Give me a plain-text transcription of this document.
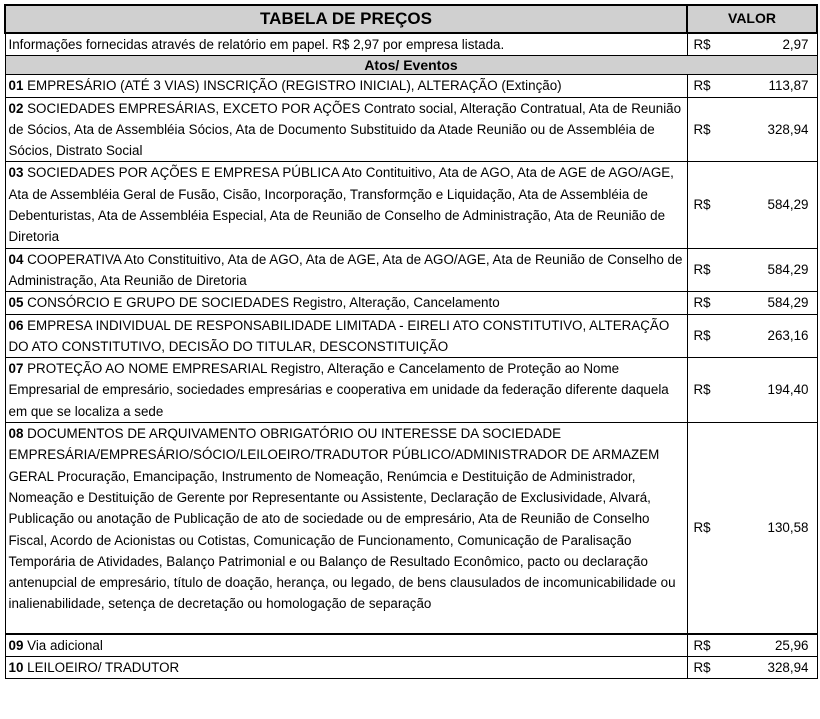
TABELA DE PREÇOS	VALOR	
Informações fornecidas através de relatório em papel. R$ 2,97 por empresa listada.	R$	2,97
Atos/ Eventos		
01 EMPRESÁRIO (ATÉ 3 VIAS) INSCRIÇÃO (REGISTRO INICIAL), ALTERAÇÃO (Extinção)	R$	113,87
02 SOCIEDADES EMPRESÁRIAS, EXCETO POR AÇÕES Contrato social, Alteração Contratual, Ata de Reunião de Sócios, Ata de Assembléia Sócios, Ata de Documento Substituido da Atade Reunião ou de Assembléia de Sócios, Distrato Social	R$	328,94
03 SOCIEDADES POR AÇÕES E EMPRESA PÚBLICA Ato Contituitivo, Ata de AGO, Ata de AGE de AGO/AGE, Ata de Assembléia Geral de Fusão, Cisão, Incorporação, Transformção e Liquidação, Ata de Assembléia de Debenturistas, Ata de Assembléia Especial, Ata de Reunião de Conselho de Administração, Ata de Reunião de Diretoria	R$	584,29
04 COOPERATIVA Ato Constituitivo, Ata de AGO, Ata de AGE, Ata de AGO/AGE, Ata de Reunião de Conselho de Administração, Ata Reunião de Diretoria	R$	584,29
05 CONSÓRCIO E GRUPO DE SOCIEDADES Registro, Alteração, Cancelamento	R$	584,29
06 EMPRESA INDIVIDUAL DE RESPONSABILIDADE LIMITADA - EIRELI ATO CONSTITUTIVO, ALTERAÇÃO DO ATO CONSTITUTIVO, DECISÃO DO TITULAR, DESCONSTITUIÇÃO	R$	263,16
07 PROTEÇÃO AO NOME EMPRESARIAL Registro, Alteração e Cancelamento de Proteção ao Nome Empresarial de empresário, sociedades empresárias e cooperativa em unidade da federação diferente daquela em que se localiza a sede	R$	194,40
08 DOCUMENTOS DE ARQUIVAMENTO OBRIGATÓRIO OU INTERESSE DA SOCIEDADE EMPRESÁRIA/EMPRESÁRIO/SÓCIO/LEILOEIRO/TRADUTOR PÚBLICO/ADMINISTRADOR DE ARMAZEM GERAL Procuração, Emancipação, Instrumento de Nomeação, Renúmcia e Destituição de Administrador, Nomeação e Destituição de Gerente por Representante ou Assistente, Declaração de Exclusividade, Alvará, Publicação ou anotação de Publicação de ato de sociedade ou de empresário, Ata de Reunião de Conselho Fiscal, Acordo de Acionistas ou Cotistas, Comunicação de Funcionamento, Comunicação de Paralisação Temporária de Atividades, Balanço Patrimonial e ou Balanço de Resultado Econômico, pacto ou declaração antenupcial de empresário, título de doação, herança, ou legado, de bens clausulados de incomunicabilidade ou inalienabilidade, setença de decretação ou homologação de separação	R$	130,58
09 Via adicional	R$	25,96
10 LEILOEIRO/ TRADUTOR	R$	328,94
